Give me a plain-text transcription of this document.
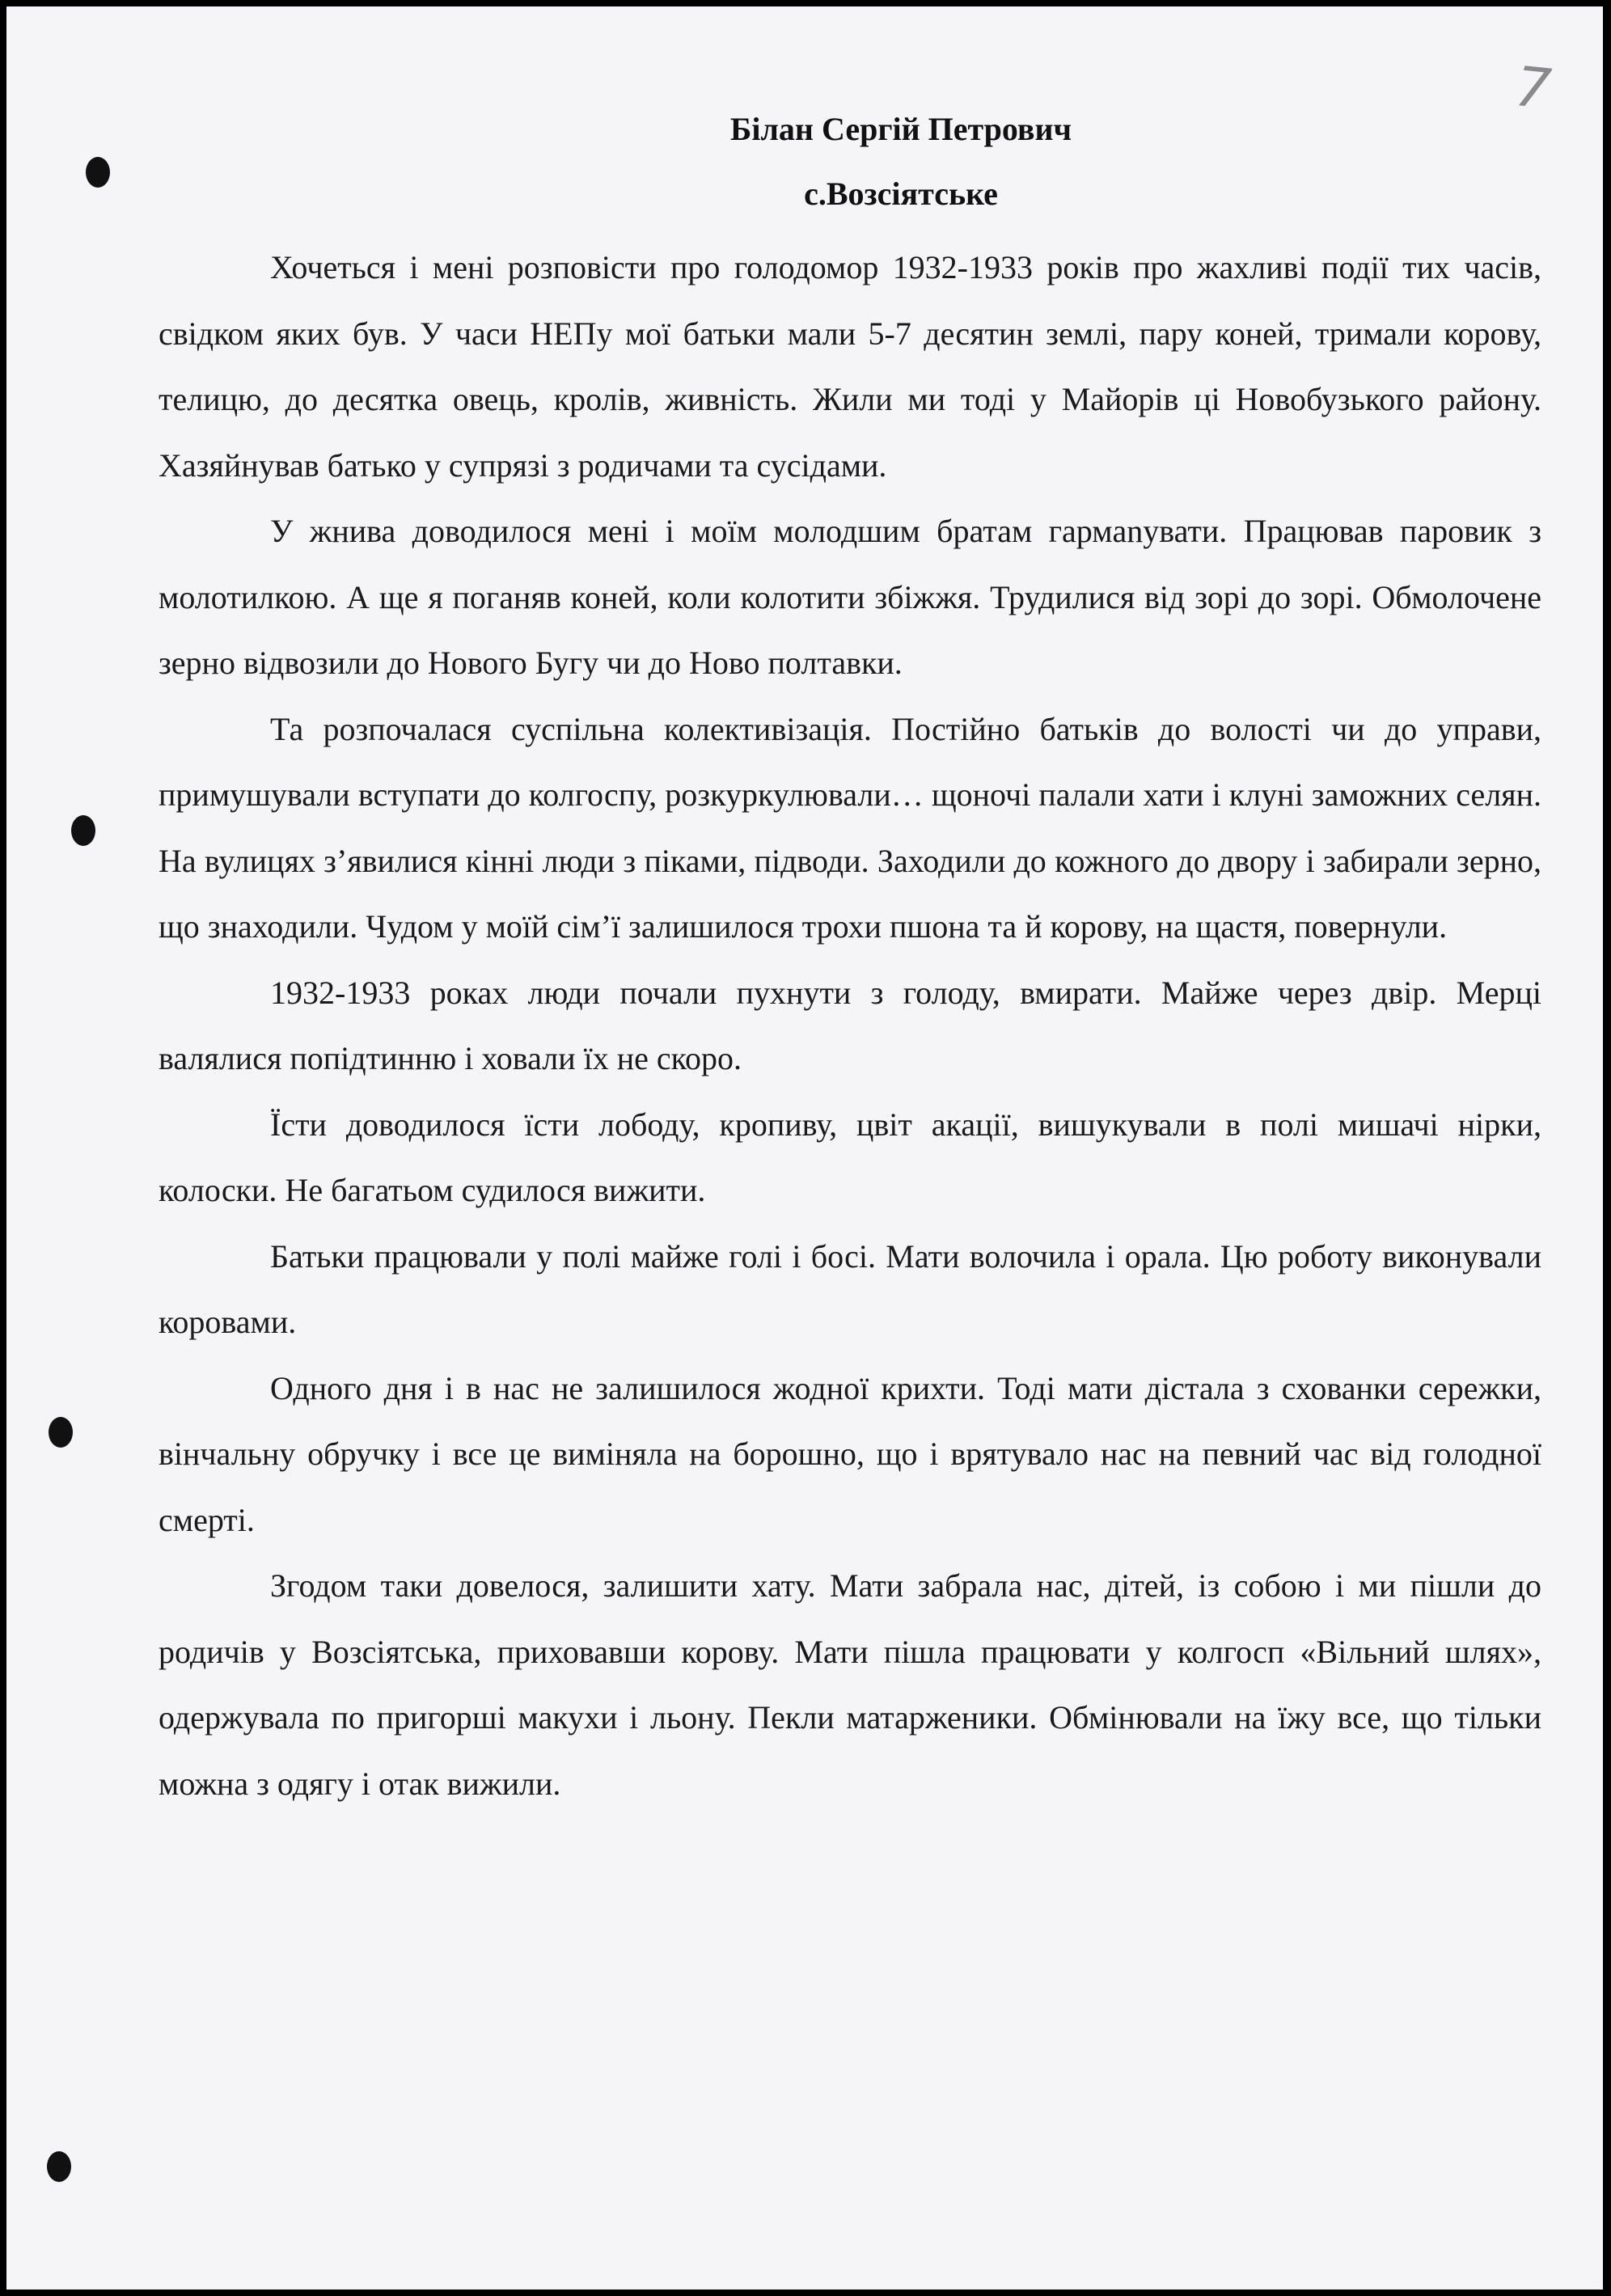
7

Білан Сергій Петрович
с.Возсіятське

Хочеться і мені розповісти про голодомор 1932-1933 років про жахливі події тих часів, свідком яких був. У часи НЕПу мої батьки мали 5-7 десятин землі, пару коней, тримали корову, телицю, до десятка овець, кролів, живність. Жили ми тоді у Майорів ці Новобузького району. Хазяйнував батько у супрязі з родичами та сусідами.

У жнива доводилося мені і моїм молодшим братам гармanувати. Працював паровик з молотилкою. А ще я поганяв коней, коли колотити збіжжя. Трудилися від зорі до зорі. Обмолочене зерно відвозили до Нового Бугу чи до Ново полтавки.

Та розпочалася суспільна колективізація. Постійно батьків до волості чи до управи, примушували вступати до колгоспу, розкуркулювали… щоночі палали хати і клуні заможних селян. На вулицях з’явилися кінні люди з піками, підводи. Заходили до кожного до двору і забирали зерно, що знаходили. Чудом у моїй сім’ї залишилося трохи пшона та й корову, на щастя, повернули.

1932-1933 роках люди почали пухнути з голоду, вмирати. Майже через двір. Мерці валялися попідтинню і ховали їх не скоро.

Їсти доводилося їсти лободу, кропиву, цвіт акації, вишукували в полі мишачі нірки, колоски. Не багатьом судилося вижити.

Батьки працювали у полі майже голі і босі. Мати волочила і орала. Цю роботу виконували коровами.

Одного дня і в нас не залишилося жодної крихти. Тоді мати дістала з схованки сережки, вінчальну обручку і все це виміняла на борошно, що і врятувало нас на певний час від голодної смерті.

Згодом таки довелося, залишити хату. Мати забрала нас, дітей, із собою і ми пішли до родичів у Возсіятська, приховавши корову. Мати пішла працювати у колгосп «Вільний шлях», одержувала по пригорші макухи і льону. Пекли матарженики. Обмінювали на їжу все, що тільки можна з одягу і отак вижили.
